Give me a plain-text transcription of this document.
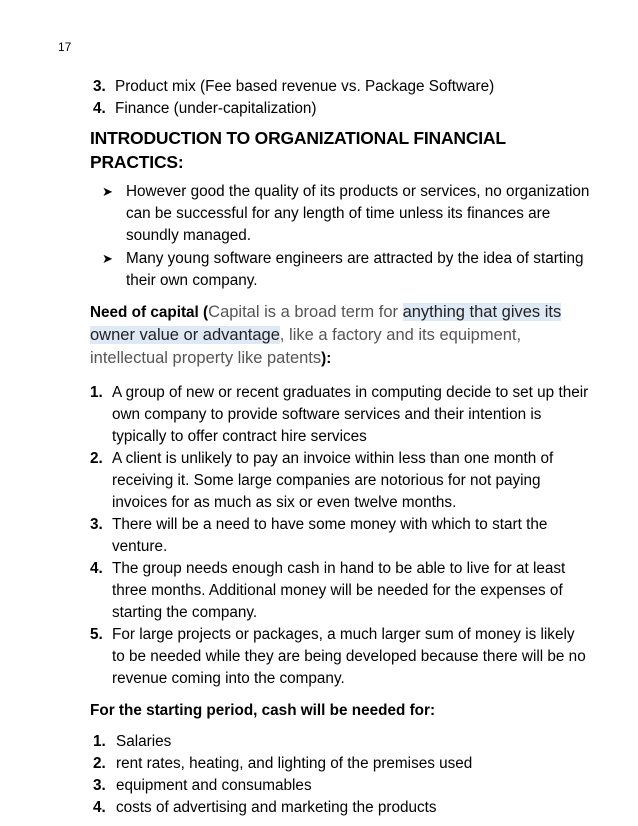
17
3. Product mix (Fee based revenue vs. Package Software)
4. Finance (under-capitalization)
INTRODUCTION TO ORGANIZATIONAL FINANCIAL PRACTICS:
➤ However good the quality of its products or services, no organization can be successful for any length of time unless its finances are soundly managed.
➤ Many young software engineers are attracted by the idea of starting their own company.
Need of capital (Capital is a broad term for anything that gives its owner value or advantage, like a factory and its equipment, intellectual property like patents):
1. A group of new or recent graduates in computing decide to set up their own company to provide software services and their intention is typically to offer contract hire services
2. A client is unlikely to pay an invoice within less than one month of receiving it. Some large companies are notorious for not paying invoices for as much as six or even twelve months.
3. There will be a need to have some money with which to start the venture.
4. The group needs enough cash in hand to be able to live for at least three months. Additional money will be needed for the expenses of starting the company.
5. For large projects or packages, a much larger sum of money is likely to be needed while they are being developed because there will be no revenue coming into the company.
For the starting period, cash will be needed for:
1. Salaries
2. rent rates, heating, and lighting of the premises used
3. equipment and consumables
4. costs of advertising and marketing the products
